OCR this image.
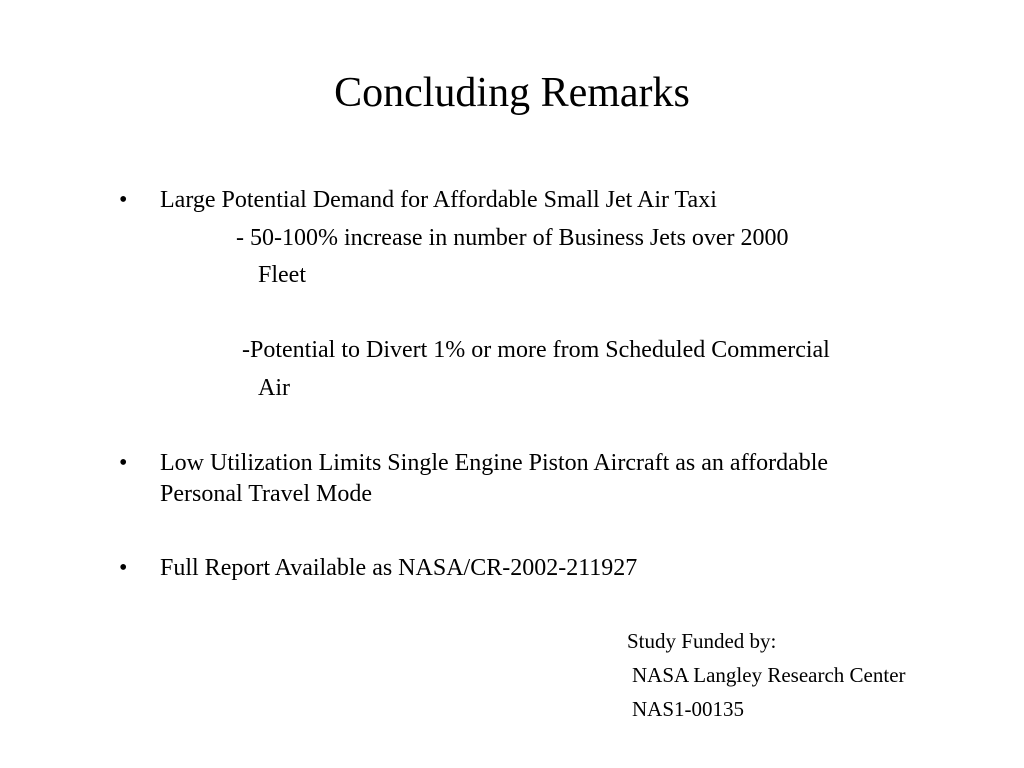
Concluding Remarks
• Large Potential Demand for Affordable Small Jet Air Taxi
- 50-100% increase in number of Business Jets over 2000
Fleet
-Potential to Divert 1% or more from Scheduled Commercial
Air
• Low Utilization Limits Single Engine Piston Aircraft as an affordable
Personal Travel Mode
• Full Report Available as NASA/CR-2002-211927
Study Funded by:
NASA Langley Research Center
NAS1-00135
